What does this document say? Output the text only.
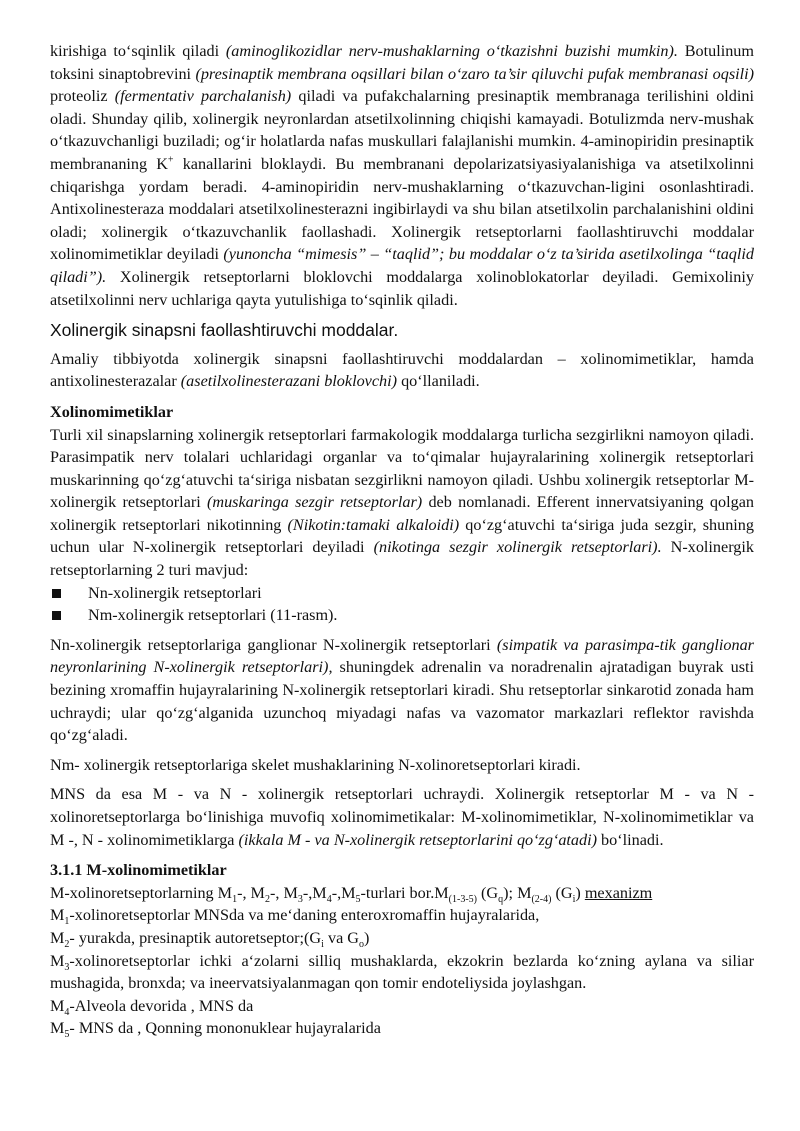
kirishiga to‘sqinlik qiladi (aminoglikozidlar nerv-mushaklarning o‘tkazishni buzishi mumkin). Botulinum toksini sinaptobrevini (presinaptik membrana oqsillari bilan o‘zaro ta’sir qiluvchi pufak membranasi oqsili) proteoliz (fermentativ parchalanish) qiladi va pufakchalarning presinaptik membranaga terilishini oldini oladi. Shunday qilib, xolinergik neyronlardan atsetilxolinning chiqishi kamayadi. Botulizmda nerv-mushak o‘tkazuvchanligi buziladi; og‘ir holatlarda nafas muskullari falajlanishi mumkin. 4-aminopiridin presinaptik membrananing K+ kanallarini bloklaydi. Bu membranani depolarizatsiyasiyalanishiga va atsetilxolinni chiqarishga yordam beradi. 4-aminopiridin nerv-mushaklarning o‘tkazuvchan-ligini osonlashtiradi. Antixolinesteraza moddalari atsetilxolinesterazni ingibirlaydi va shu bilan atsetilxolin parchalanishini oldini oladi; xolinergik o‘tkazuvchanlik faollashadi. Xolinergik retseptorlarni faollashtiruvchi moddalar xolinomimetiklar deyiladi (yunoncha “mimesis” – “taqlid”; bu moddalar o‘z ta’sirida asetilxolinga “taqlid qiladi”). Xolinergik retseptorlarni bloklovchi moddalarga xolinoblokatorlar deyiladi. Gemixoliniy atsetilxolinni nerv uchlariga qayta yutulishiga to‘sqinlik qiladi.

Xolinergik sinapsni faollashtiruvchi moddalar.

Amaliy tibbiyotda xolinergik sinapsni faollashtiruvchi moddalardan – xolinomimetiklar, hamda antixolinesterazalar (asetilxolinesterazani bloklovchi) qo‘llaniladi.

Xolinomimetiklar

Turli xil sinapslarning xolinergik retseptorlari farmakologik moddalarga turlicha sezgirlikni namoyon qiladi. Parasimpatik nerv tolalari uchlaridagi organlar va to‘qimalar hujayralarining xolinergik retseptorlari muskarinning qo‘zg‘atuvchi ta‘siriga nisbatan sezgirlikni namoyon qiladi. Ushbu xolinergik retseptorlar M-xolinergik retseptorlari (muskaringa sezgir retseptorlar) deb nomlanadi. Efferent innervatsiyaning qolgan xolinergik retseptorlari nikotinning (Nikotin:tamaki alkaloidi) qo‘zg‘atuvchi ta‘siriga juda sezgir, shuning uchun ular N-xolinergik retseptorlari deyiladi (nikotinga sezgir xolinergik retseptorlari). N-xolinergik retseptorlarning 2 turi mavjud:

Nn-xolinergik retseptorlari
Nm-xolinergik retseptorlari (11-rasm).

Nn-xolinergik retseptorlariga ganglionar N-xolinergik retseptorlari (simpatik va parasimpa-tik ganglionar neyronlarining N-xolinergik retseptorlari), shuningdek adrenalin va noradrenalin ajratadigan buyrak usti bezining xromaffin hujayralarining N-xolinergik retseptorlari kiradi. Shu retseptorlar sinkarotid zonada ham uchraydi; ular qo‘zg‘alganida uzunchoq miyadagi nafas va vazomator markazlari reflektor ravishda qo‘zg‘aladi.

Nm- xolinergik retseptorlariga skelet mushaklarining N-xolinoretseptorlari kiradi.

MNS da esa M - va N - xolinergik retseptorlari uchraydi. Xolinergik retseptorlar M - va N - xolinoretseptorlarga bo‘linishiga muvofiq xolinomimetikalar: M-xolinomimetiklar, N-xolinomimetiklar va M -, N - xolinomimetiklarga (ikkala M - va N-xolinergik retseptorlarini qo‘zg‘atadi) bo‘linadi.

3.1.1 M-xolinomimetiklar

M-xolinoretseptorlarning $M_1-$, $M_2-$, $M_3-,M_4-,M_5$-turlari $bor.M_{(1-3-5)}$ $(G_q)$; $M_{(2-4)}$ $(G_i)$ mexanizm

$M_1$-xolinoretseptorlar MNSda va me‘daning enteroxromaffin hujayralarida,

$M_2-$ yurakda, presinaptik $autoretseptor;(G_i$ va $G_o$)

$M_3$-xolinoretseptorlar ichki a‘zolarni silliq mushaklarda, ekzokrin bezlarda ko‘zning aylana va siliar mushagida, bronxda; va ineervatsiyalanmagan qon tomir endoteliysida joylashgan.

$M_4$-Alveola devorida , MNS da

$M_5-$ MNS da , Qonning mononuklear hujayralarida
